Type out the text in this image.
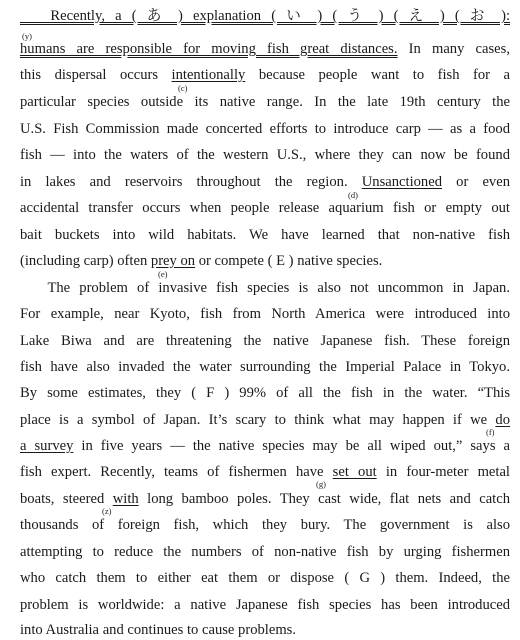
Recently, a ( あ ) explanation ( い ) ( う ) ( え ) ( お ):
humans are responsible for moving fish great distances. In many cases,
(y)
this dispersal occurs intentionally because people want to fish for a
(c)
particular species outside its native range. In the late 19th century the
U.S. Fish Commission made concerted efforts to introduce carp — as a food
fish — into the waters of the western U.S., where they can now be found
in lakes and reservoirs throughout the region. Unsanctioned or even
(d)
accidental transfer occurs when people release aquarium fish or empty out
bait buckets into wild habitats. We have learned that non-native fish
(including carp) often prey on or compete ( E ) native species.
(e)
The problem of invasive fish species is also not uncommon in Japan.
For example, near Kyoto, fish from North America were introduced into
Lake Biwa and are threatening the native Japanese fish. These foreign
fish have also invaded the water surrounding the Imperial Palace in Tokyo.
By some estimates, they ( F ) 99% of all the fish in the water. “This
place is a symbol of Japan. It’s scary to think what may happen if we do
(f)
a survey in five years — the native species may be all wiped out,” says a
fish expert. Recently, teams of fishermen have set out in four-meter metal
(g)
boats, steered with long bamboo poles. They cast wide, flat nets and catch
(z)
thousands of foreign fish, which they bury. The government is also
attempting to reduce the numbers of non-native fish by urging fishermen
who catch them to either eat them or dispose ( G ) them. Indeed, the
problem is worldwide: a native Japanese fish species has been introduced
into Australia and continues to cause problems.
